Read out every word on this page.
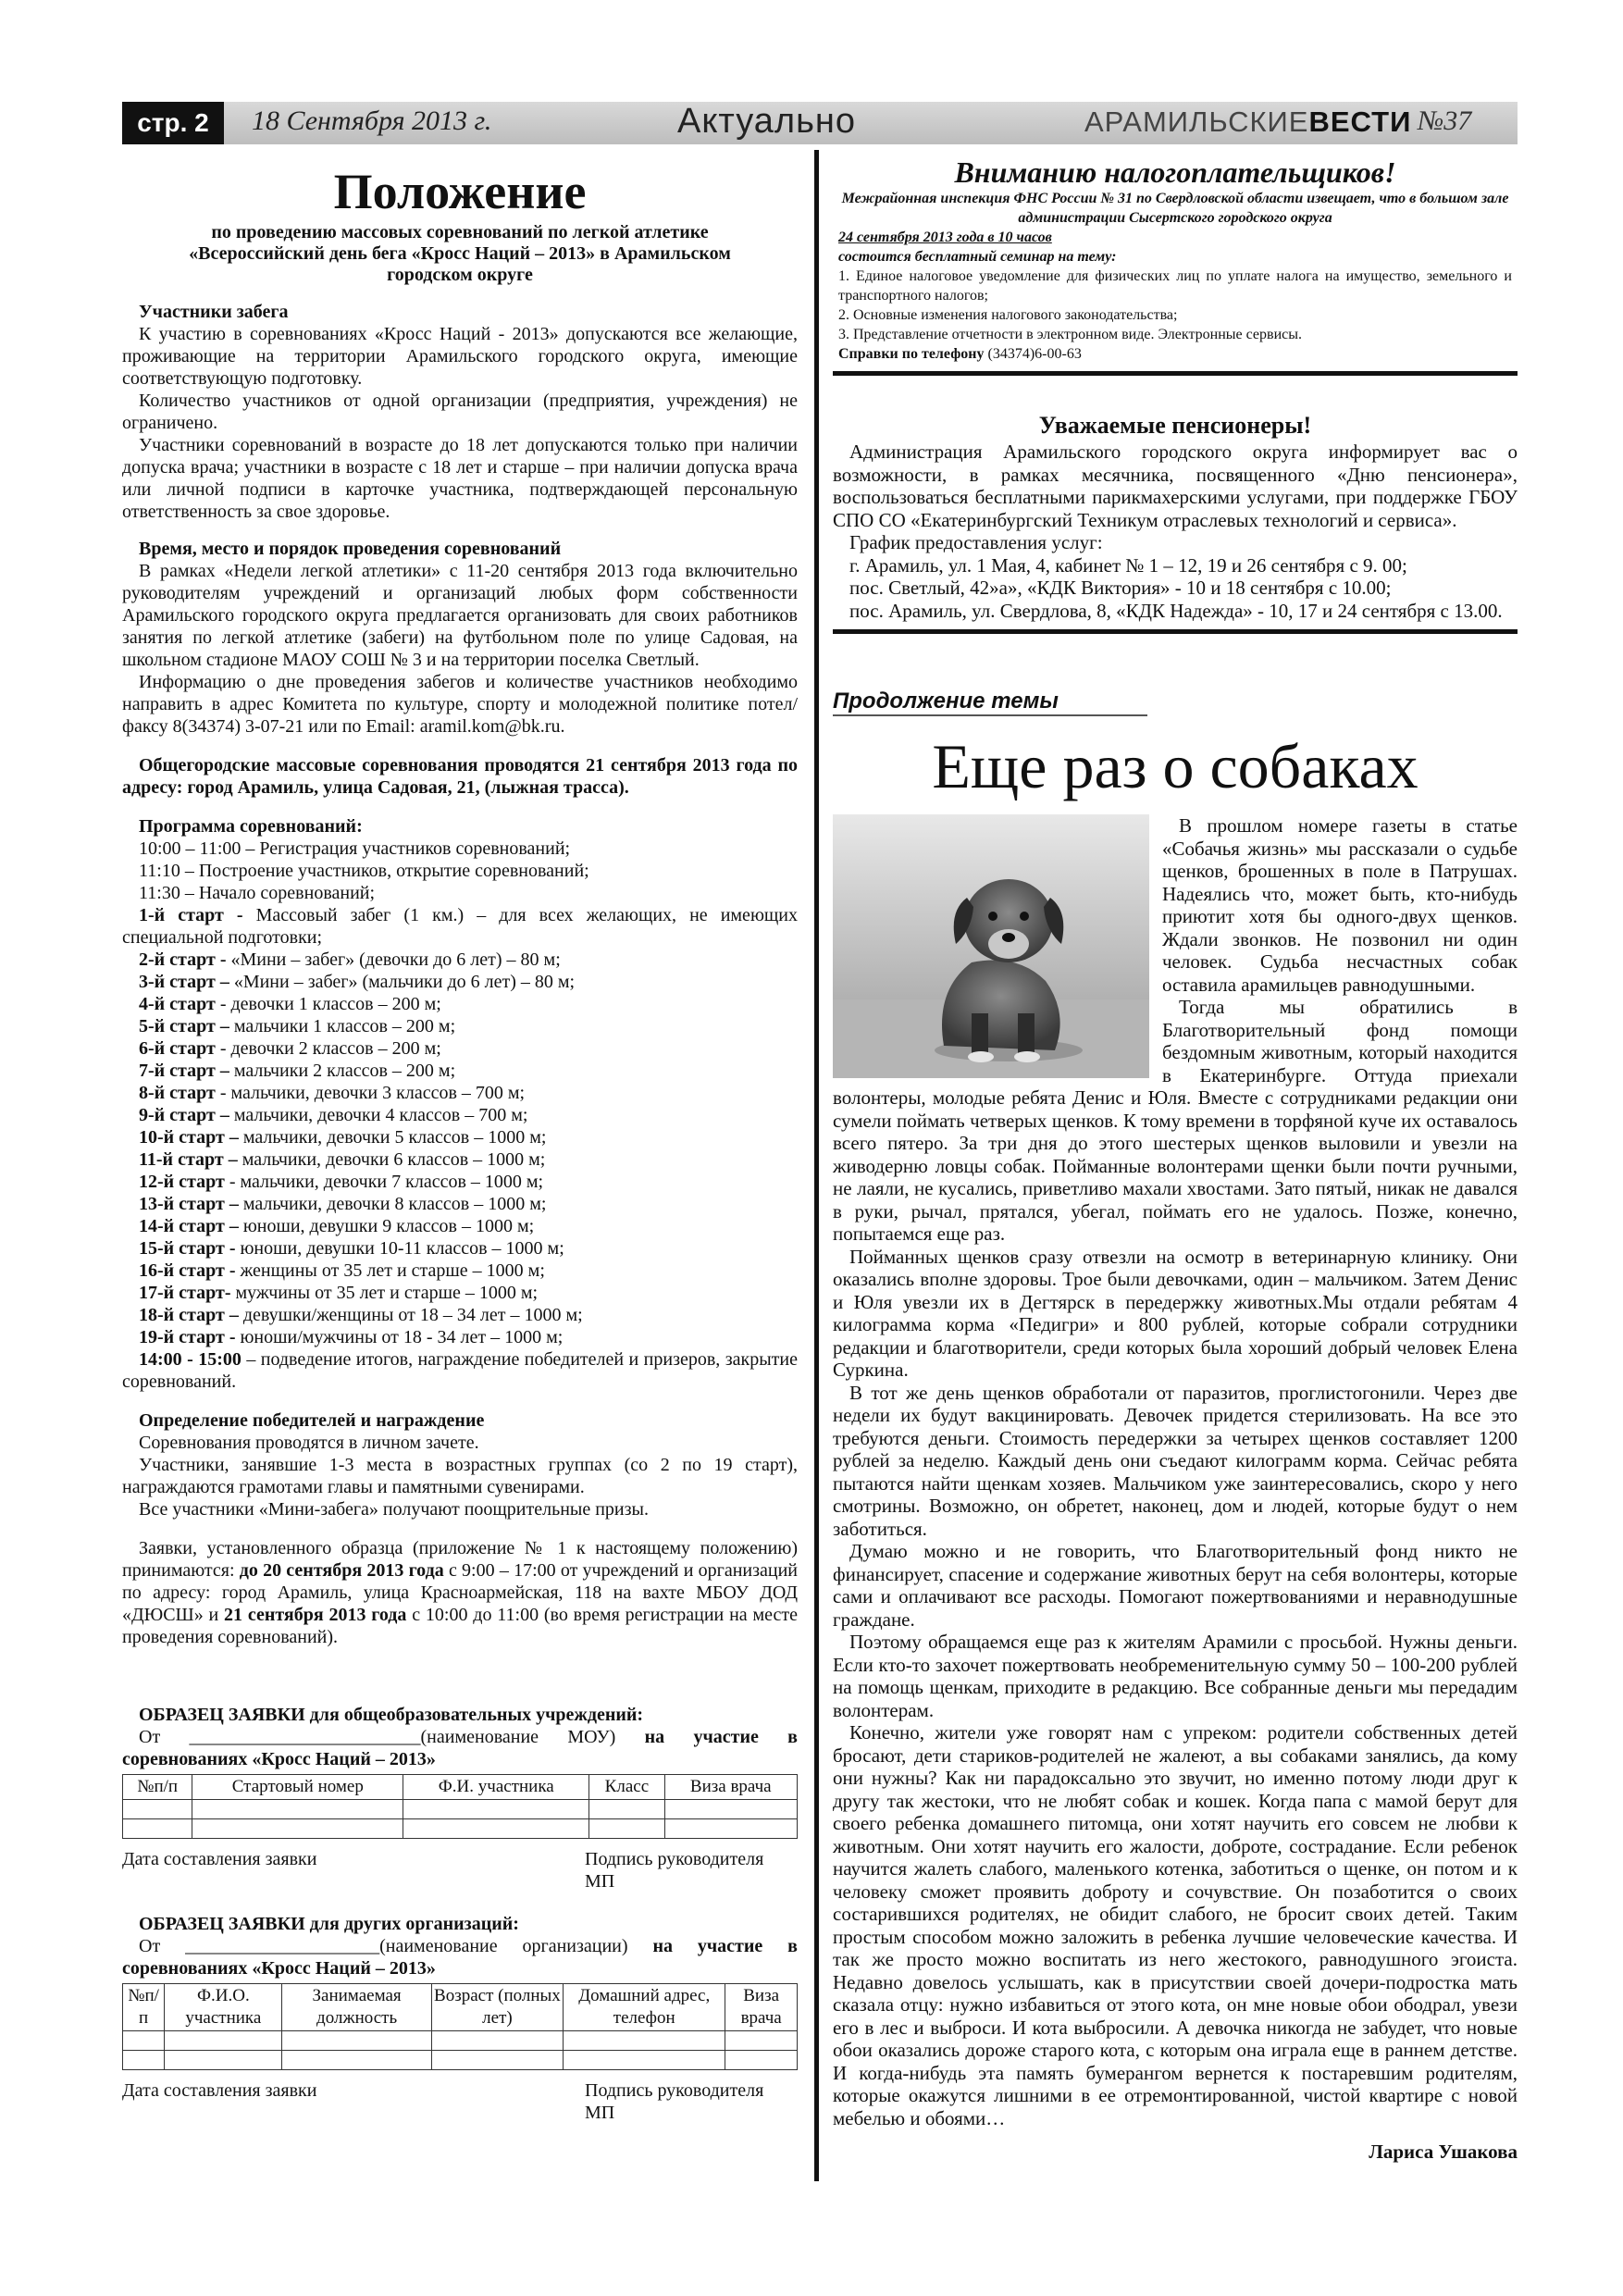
стр. 2	18 Сентября 2013 г.	Актуально	АРАМИЛЬСКИЕВЕСТИ №37

Положение

по проведению массовых соревнований по легкой атлетике «Всероссийский день бега «Кросс Наций – 2013» в Арамильском городском округе

Участники забега

К участию в соревнованиях «Кросс Наций - 2013» допускаются все желающие, проживающие на территории Арамильского городского округа, имеющие соответствующую подготовку.

Количество участников от одной организации (предприятия, учреждения) не ограничено.

Участники соревнований в возрасте до 18 лет допускаются только при наличии допуска врача; участники в возрасте с 18 лет и старше – при наличии допуска врача или личной подписи в карточке участника, подтверждающей персональную ответственность за свое здоровье.

Время, место и порядок проведения соревнований

В рамках «Недели легкой атлетики» с 11-20 сентября 2013 года включительно руководителям учреждений и организаций любых форм собственности Арамильского городского округа предлагается организовать для своих работников занятия по легкой атлетике (забеги) на футбольном поле по улице Садовая, на школьном стадионе МАОУ СОШ № 3 и на территории поселка Светлый.

Информацию о дне проведения забегов и количестве участников необходимо направить в адрес Комитета по культуре, спорту и молодежной политике потел/факсу 8(34374) 3-07-21 или по Email: aramil.kom@bk.ru.

Общегородские массовые соревнования проводятся 21 сентября 2013 года по адресу: город Арамиль, улица Садовая, 21, (лыжная трасса).

Программа соревнований:

10:00 – 11:00 – Регистрация участников соревнований;

11:10 – Построение участников, открытие соревнований;

11:30 – Начало соревнований;

1-й старт - Массовый забег (1 км.) – для всех желающих, не имеющих специальной подготовки;

2-й старт - «Мини – забег» (девочки до 6 лет) – 80 м;

3-й старт – «Мини – забег» (мальчики до 6 лет) – 80 м;

4-й старт - девочки 1 классов – 200 м;

5-й старт – мальчики 1 классов – 200 м;

6-й старт - девочки 2 классов – 200 м;

7-й старт – мальчики 2 классов – 200 м;

8-й старт - мальчики, девочки 3 классов – 700 м;

9-й старт – мальчики, девочки 4 классов – 700 м;

10-й старт – мальчики, девочки 5 классов – 1000 м;

11-й старт – мальчики, девочки 6 классов – 1000 м;

12-й старт - мальчики, девочки 7 классов – 1000 м;

13-й старт – мальчики, девочки 8 классов – 1000 м;

14-й старт – юноши, девушки 9 классов – 1000 м;

15-й старт - юноши, девушки 10-11 классов – 1000 м;

16-й старт - женщины от 35 лет и старше – 1000 м;

17-й старт- мужчины от 35 лет и старше – 1000 м;

18-й старт – девушки/женщины от 18 – 34 лет – 1000 м;

19-й старт - юноши/мужчины от 18 - 34 лет – 1000 м;

14:00 - 15:00 – подведение итогов, награждение победителей и призеров, закрытие соревнований.

Определение победителей и награждение

Соревнования проводятся в личном зачете.

Участники, занявшие 1-3 места в возрастных группах (со 2 по 19 старт), награждаются грамотами главы и памятными сувенирами.

Все участники «Мини-забега» получают поощрительные призы.

Заявки, установленного образца (приложение № 1 к настоящему положению) принимаются: до 20 сентября 2013 года с 9:00 – 17:00 от учреждений и организаций по адресу: город Арамиль, улица Красноармейская, 118 на вахте МБОУ ДОД «ДЮСШ» и 21 сентября 2013 года с 10:00 до 11:00 (во время регистрации на месте проведения соревнований).

ОБРАЗЕЦ ЗАЯВКИ для общеобразовательных учреждений:

От _________________________(наименование МОУ) на участие в соревнованиях «Кросс Наций – 2013»

№п/п	Стартовый номер	Ф.И. участника	Класс	Виза врача

Дата составления заявки	Подпись руководителя
МП

ОБРАЗЕЦ ЗАЯВКИ для других организаций:

От _____________________(наименование организации) на участие в соревнованиях «Кросс Наций – 2013»

№п/п	Ф.И.О. участника	Занимаемая должность	Возраст (полных лет)	Домашний адрес, телефон	Виза врача

Дата составления заявки	Подпись руководителя
МП
Вниманию налогоплательщиков!

Межрайонная инспекция ФНС России № 31 по Свердловской области извещает, что в большом зале администрации Сысертского городского округа

24 сентября 2013 года в 10 часов

состоится бесплатный семинар на тему:

1. Единое налоговое уведомление для физических лиц по уплате налога на имущество, земельного и транспортного налогов;

2. Основные изменения налогового законодательства;

3. Представление отчетности в электронном виде. Электронные сервисы.

Справки по телефону (34374)6-00-63

Уважаемые пенсионеры!

Администрация Арамильского городского округа информирует вас о возможности, в рамках месячника, посвященного «Дню пенсионера», воспользоваться бесплатными парикмахерскими услугами, при поддержке ГБОУ СПО СО «Екатеринбургский Техникум отраслевых технологий и сервиса».

График предоставления услуг:

г. Арамиль, ул. 1 Мая, 4, кабинет № 1 – 12, 19 и 26 сентября с 9. 00;

пос. Светлый, 42»а», «КДК Виктория» - 10 и 18 сентября с 10.00;

пос. Арамиль, ул. Свердлова, 8, «КДК Надежда» - 10, 17 и 24 сентября с 13.00.

Продолжение темы
Еще раз о собаках

В прошлом номере газеты в статье «Собачья жизнь» мы рассказали о судьбе щенков, брошенных в поле в Патрушах. Надеялись что, может быть, кто-нибудь приютит хотя бы одного-двух щенков. Ждали звонков. Не позвонил ни один человек. Судьба несчастных собак оставила арамильцев равнодушными.

Тогда мы обратились в Благотворительный фонд помощи бездомным животным, который находится в Екатеринбурге. Оттуда приехали волонтеры, молодые ребята Денис и Юля. Вместе с сотрудниками редакции они сумели поймать четверых щенков. К тому времени в торфяной куче их оставалось всего пятеро. За три дня до этого шестерых щенков выловили и увезли на живодерню ловцы собак. Пойманные волонтерами щенки были почти ручными, не лаяли, не кусались, приветливо махали хвостами. Зато пятый, никак не давался в руки, рычал, прятался, убегал, поймать его не удалось. Позже, конечно, попытаемся еще раз.

Пойманных щенков сразу отвезли на осмотр в ветеринарную клинику. Они оказались вполне здоровы. Трое были девочками, один – мальчиком. Затем Денис и Юля увезли их в Дегтярск в передержку животных.Мы отдали ребятам 4 килограмма корма «Педигри» и 800 рублей, которые собрали сотрудники редакции и благотворители, среди которых была хороший добрый человек Елена Суркина.

В тот же день щенков обработали от паразитов, проглистогонили. Через две недели их будут вакцинировать. Девочек придется стерилизовать. На все это требуются деньги. Стоимость передержки за четырех щенков составляет 1200 рублей за неделю. Каждый день они съедают килограмм корма. Сейчас ребята пытаются найти щенкам хозяев. Мальчиком уже заинтересовались, скоро у него смотрины. Возможно, он обретет, наконец, дом и людей, которые будут о нем заботиться.

Думаю можно и не говорить, что Благотворительный фонд никто не финансирует, спасение и содержание животных берут на себя волонтеры, которые сами и оплачивают все расходы. Помогают пожертвованиями и неравнодушные граждане.

Поэтому обращаемся еще раз к жителям Арамили с просьбой. Нужны деньги. Если кто-то захочет пожертвовать необременительную сумму 50 – 100-200 рублей на помощь щенкам, приходите в редакцию. Все собранные деньги мы передадим волонтерам.

Конечно, жители уже говорят нам с упреком: родители собственных детей бросают, дети стариков-родителей не жалеют, а вы собаками занялись, да кому они нужны? Как ни парадоксально это звучит, но именно потому люди друг к другу так жестоки, что не любят собак и кошек. Когда папа с мамой берут для своего ребенка домашнего питомца, они хотят научить его совсем не любви к животным. Они хотят научить его жалости, доброте, сострадание. Если ребенок научится жалеть слабого, маленького котенка, заботиться о щенке, он потом и к человеку сможет проявить доброту и сочувствие. Он позаботится о своих состарившихся родителях, не обидит слабого, не бросит своих детей. Таким простым способом можно заложить в ребенка лучшие человеческие качества. И так же просто можно воспитать из него жестокого, равнодушного эгоиста. Недавно довелось услышать, как в присутствии своей дочери-подростка мать сказала отцу: нужно избавиться от этого кота, он мне новые обои ободрал, увези его в лес и выброси. И кота выбросили. А девочка никогда не забудет, что новые обои оказались дороже старого кота, с которым она играла еще в раннем детстве. И когда-нибудь эта память бумерангом вернется к постаревшим родителям, которые окажутся лишними в ее отремонтированной, чистой квартире с новой мебелью и обоями…

Лариса Ушакова
